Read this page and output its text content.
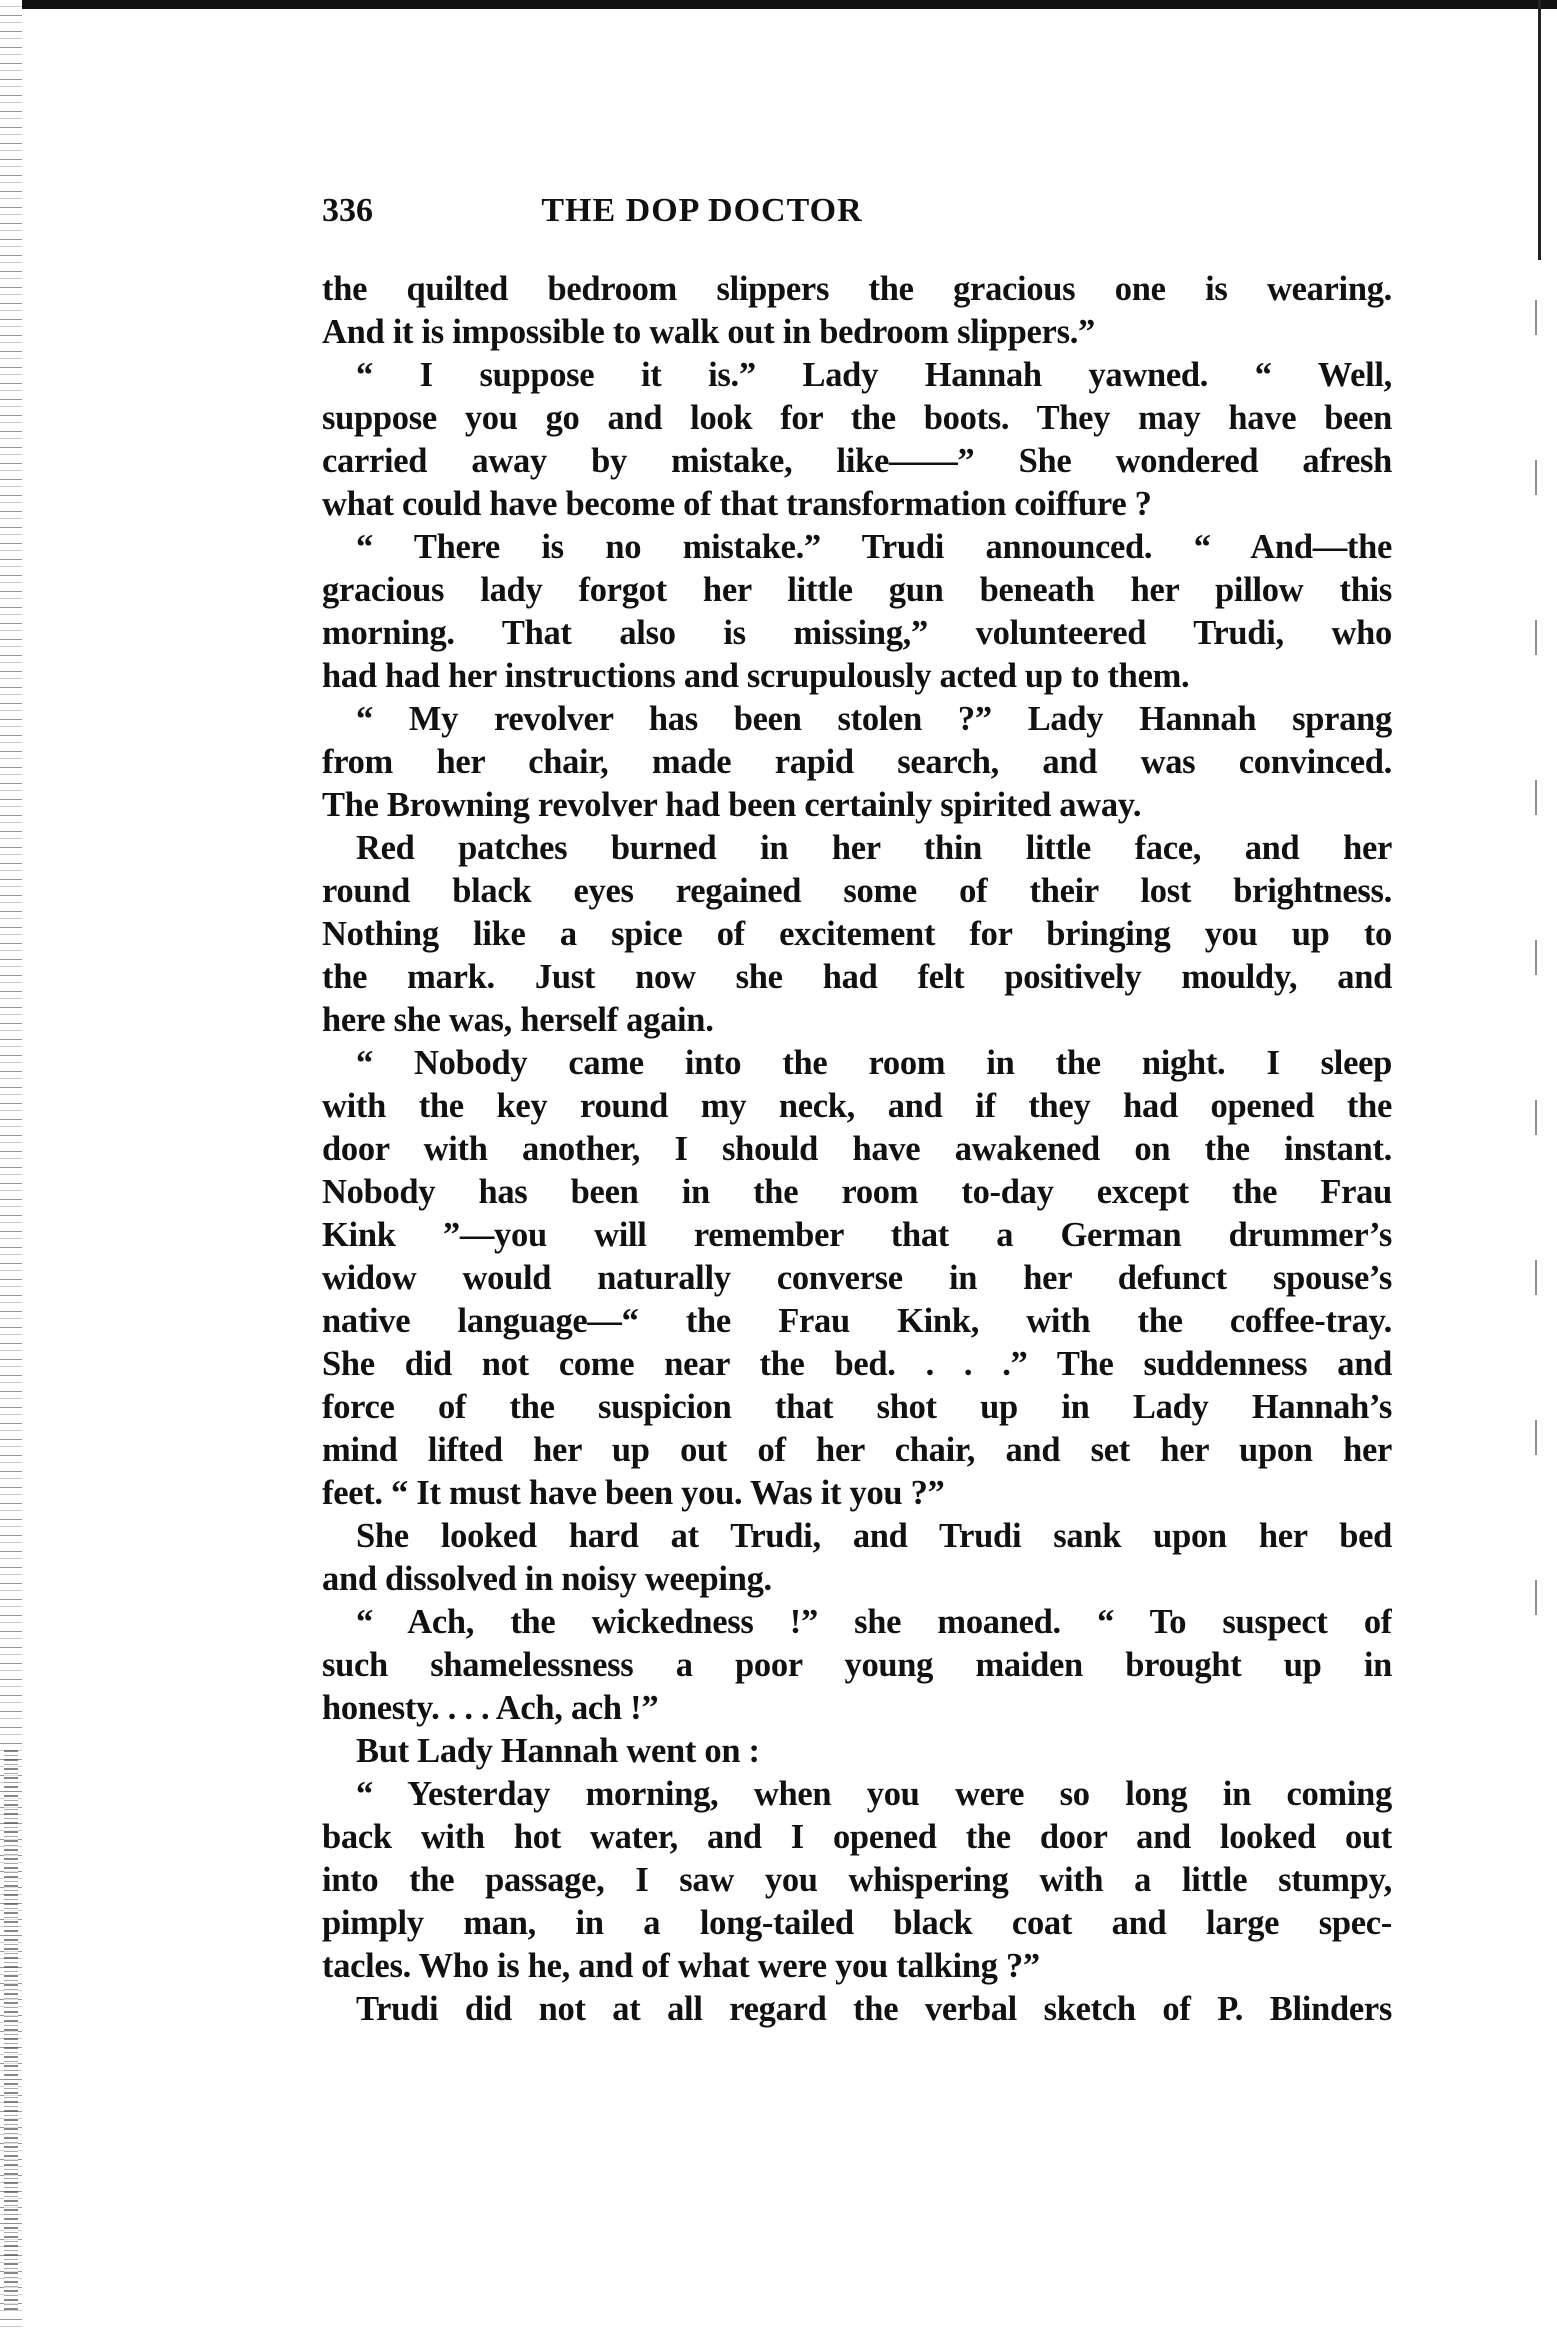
336	THE DOP DOCTOR
the quilted bedroom slippers the gracious one is wearing.
And it is impossible to walk out in bedroom slippers.”
“ I suppose it is.” Lady Hannah yawned. “ Well,
suppose you go and look for the boots. They may have been
carried away by mistake, like——” She wondered afresh
what could have become of that transformation coiffure ?
“ There is no mistake.” Trudi announced. “ And—the
gracious lady forgot her little gun beneath her pillow this
morning. That also is missing,” volunteered Trudi, who
had had her instructions and scrupulously acted up to them.
“ My revolver has been stolen ?” Lady Hannah sprang
from her chair, made rapid search, and was convinced.
The Browning revolver had been certainly spirited away.
Red patches burned in her thin little face, and her
round black eyes regained some of their lost brightness.
Nothing like a spice of excitement for bringing you up to
the mark. Just now she had felt positively mouldy, and
here she was, herself again.
“ Nobody came into the room in the night. I sleep
with the key round my neck, and if they had opened the
door with another, I should have awakened on the instant.
Nobody has been in the room to-day except the Frau
Kink ”—you will remember that a German drummer’s
widow would naturally converse in her defunct spouse’s
native language—“ the Frau Kink, with the coffee-tray.
She did not come near the bed. . . .” The suddenness and
force of the suspicion that shot up in Lady Hannah’s
mind lifted her up out of her chair, and set her upon her
feet. “ It must have been you. Was it you ?”
She looked hard at Trudi, and Trudi sank upon her bed
and dissolved in noisy weeping.
“ Ach, the wickedness !” she moaned. “ To suspect of
such shamelessness a poor young maiden brought up in
honesty. . . . Ach, ach !”
But Lady Hannah went on :
“ Yesterday morning, when you were so long in coming
back with hot water, and I opened the door and looked out
into the passage, I saw you whispering with a little stumpy,
pimply man, in a long-tailed black coat and large spec-
tacles. Who is he, and of what were you talking ?”
Trudi did not at all regard the verbal sketch of P. Blinders
